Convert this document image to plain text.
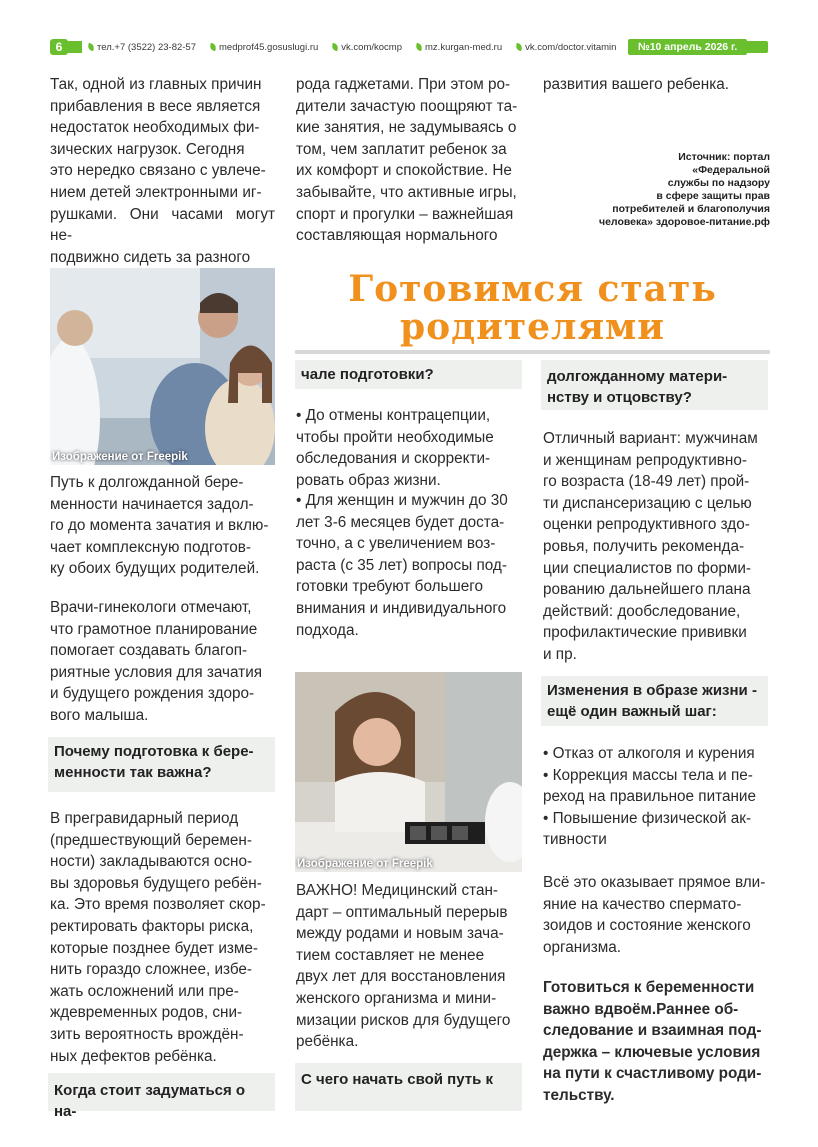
6	тел.+7 (3522) 23-82-57 medprof45.gosuslugi.ru vk.com/kocmp mz.kurgan-med.ru vk.com/doctor.vitamin	№10 апрель 2026 г.

Так, одной из главных причин

прибавления в весе является

недостаток необходимых фи-

зических нагрузок. Сегодня

это нередко связано с увлече-

нием детей электронными иг-

рушками. Они часами могут не-

подвижно сидеть за разного

рода гаджетами. При этом ро-

дители зачастую поощряют та-

кие занятия, не задумываясь о

том, чем заплатит ребенок за

их комфорт и спокойствие. Не

забывайте, что активные игры,

спорт и прогулки – важнейшая

составляющая нормального

развития вашего ребенка.

Источник: портал
«Федеральной
службы по надзору
в сфере защиты прав
потребителей и благополучия
человека» здоровое-питание.рф
Готовимся стать
родителями
Изображение от Freepik

Путь к долгожданной бере-

менности начинается задол-

го до момента зачатия и вклю-

чает комплексную подготов-

ку обоих будущих родителей.

Врачи-гинекологи отмечают,

что грамотное планирование

помогает создавать благоп-

риятные условия для зачатия

и будущего рождения здоро-

вого малыша.

Почему подготовка к бере-
менности так важна?

В прегравидарный период

(предшествующий беремен-

ности) закладываются осно-

вы здоровья будущего ребён-

ка. Это время позволяет скор-

ректировать факторы риска,

которые позднее будет изме-

нить гораздо сложнее, избе-

жать осложнений или пре-

ждевременных родов, сни-

зить вероятность врождён-

ных дефектов ребёнка.

Когда стоит задуматься о на-
чале подготовки?

• До отмены контрацепции,

чтобы пройти необходимые

обследования и скорректи-

ровать образ жизни.

• Для женщин и мужчин до 30

лет 3-6 месяцев будет доста-

точно, а с увеличением воз-

раста (с 35 лет) вопросы под-

готовки требуют большего

внимания и индивидуального

подхода.

Изображение от Freepik

ВАЖНО! Медицинский стан-

дарт – оптимальный перерыв

между родами и новым зача-

тием составляет не менее

двух лет для восстановления

женского организма и мини-

мизации рисков для будущего

ребёнка.

С чего начать свой путь к
долгожданному матери-
нству и отцовству?

Отличный вариант: мужчинам

и женщинам репродуктивно-

го возраста (18-49 лет) прой-

ти диспансеризацию с целью

оценки репродуктивного здо-

ровья, получить рекоменда-

ции специалистов по форми-

рованию дальнейшего плана

действий: дообследование,

профилактические прививки

и пр.

Изменения в образе жизни -
ещё один важный шаг:

• Отказ от алкоголя и курения

• Коррекция массы тела и пе-

реход на правильное питание

• Повышение физической ак-

тивности

Всё это оказывает прямое вли-

яние на качество спермато-

зоидов и состояние женского

организма.

Готовиться к беременности

важно вдвоём.Раннее об-

следование и взаимная под-

держка – ключевые условия

на пути к счастливому роди-

тельству.
